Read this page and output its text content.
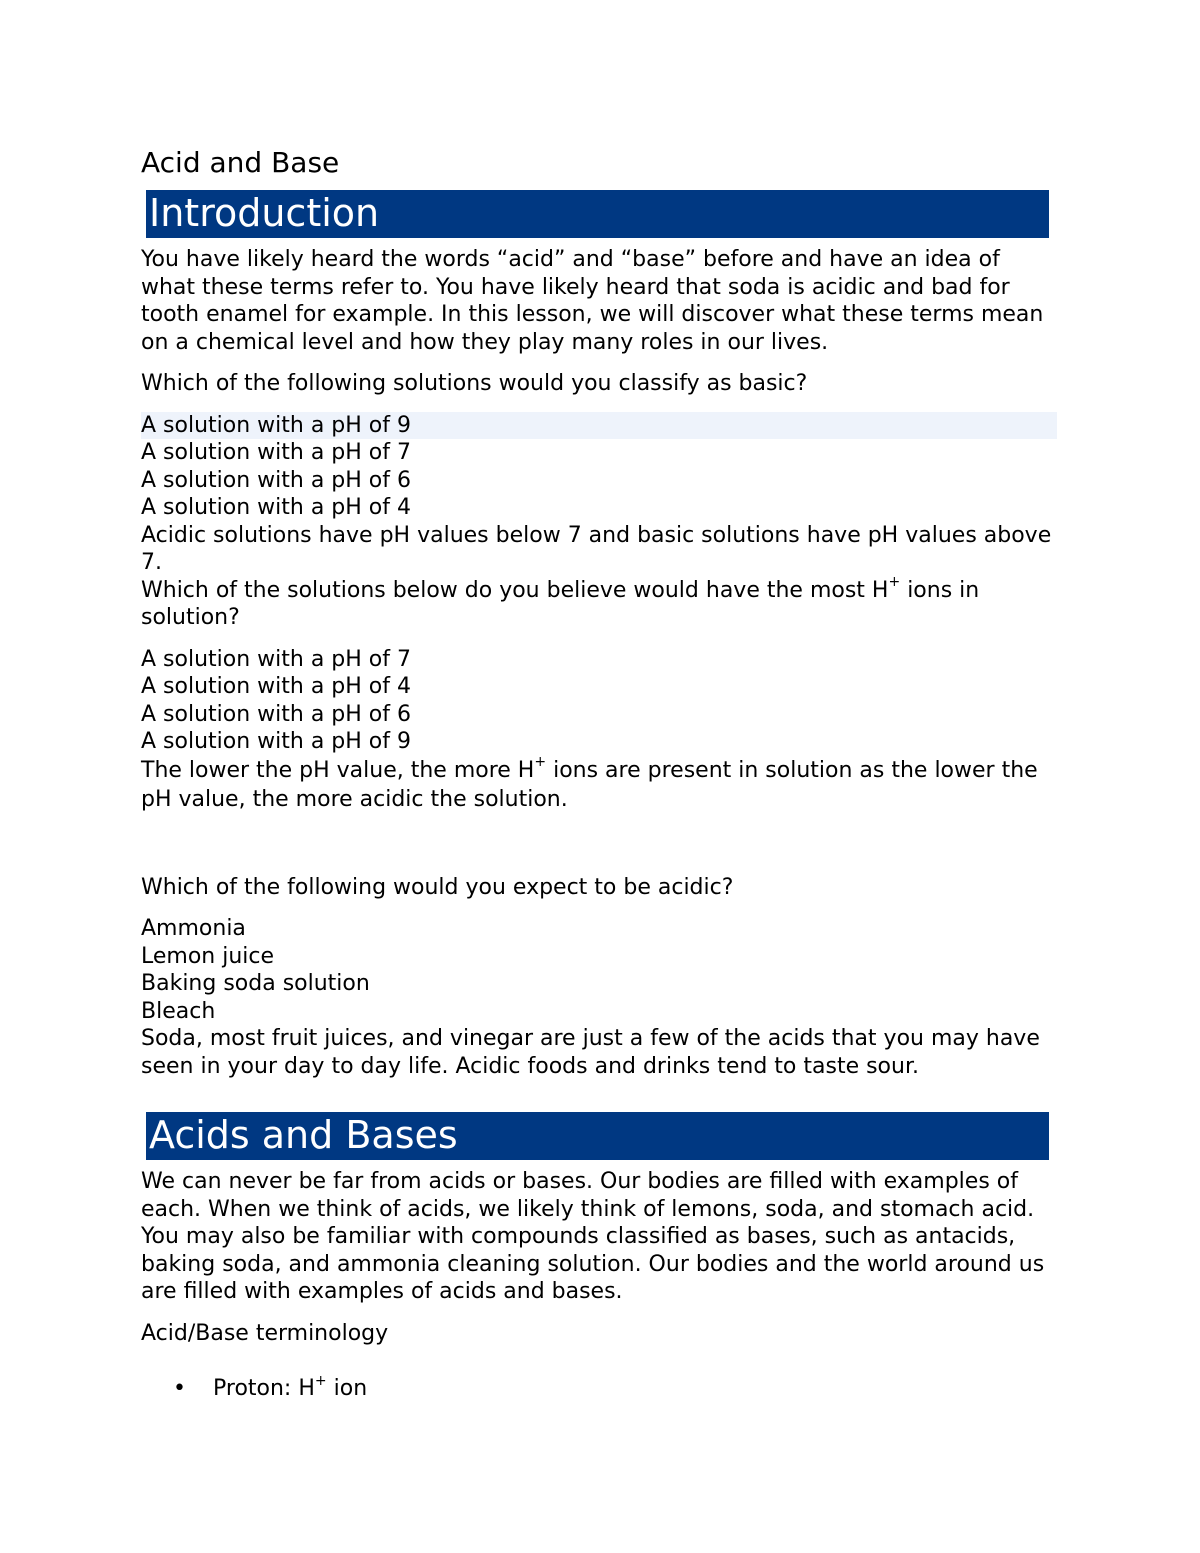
Acid and Base
Introduction

You have likely heard the words “acid” and “base” before and have an idea of what these terms refer to. You have likely heard that soda is acidic and bad for tooth enamel for example. In this lesson, we will discover what these terms mean on a chemical level and how they play many roles in our lives.

Which of the following solutions would you classify as basic?

A solution with a pH of 9
A solution with a pH of 7
A solution with a pH of 6
A solution with a pH of 4

Acidic solutions have pH values below 7 and basic solutions have pH values above 7.

Which of the solutions below do you believe would have the most H+ ions in solution?

A solution with a pH of 7
A solution with a pH of 4
A solution with a pH of 6
A solution with a pH of 9

The lower the pH value, the more H+ ions are present in solution as the lower the pH value, the more acidic the solution.

Which of the following would you expect to be acidic?

Ammonia
Lemon juice
Baking soda solution
Bleach

Soda, most fruit juices, and vinegar are just a few of the acids that you may have seen in your day to day life. Acidic foods and drinks tend to taste sour.

Acids and Bases

We can never be far from acids or bases. Our bodies are filled with examples of each. When we think of acids, we likely think of lemons, soda, and stomach acid. You may also be familiar with compounds classified as bases, such as antacids, baking soda, and ammonia cleaning solution. Our bodies and the world around us are filled with examples of acids and bases.

Acid/Base terminology

• Proton: H+ ion
